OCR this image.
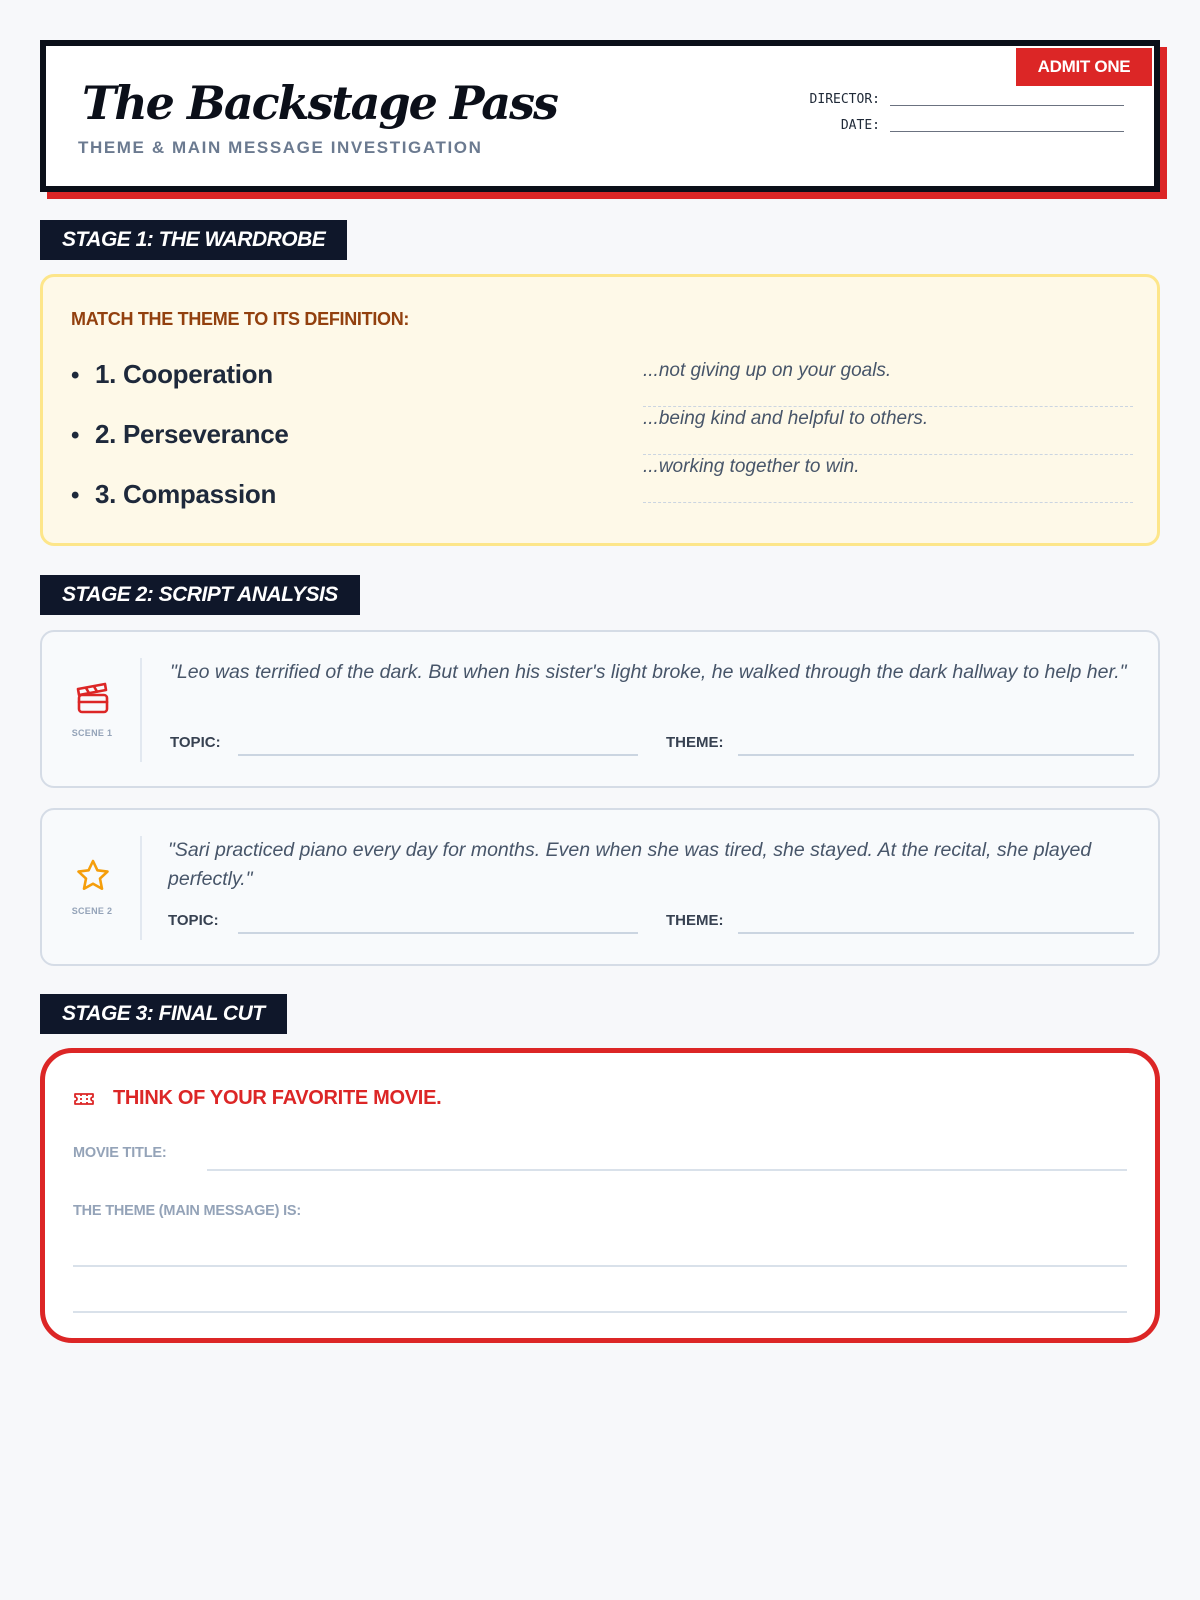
ADMIT ONE
The Backstage Pass
THEME & MAIN MESSAGE INVESTIGATION
DIRECTOR:
DATE:
STAGE 1: THE WARDROBE
MATCH THE THEME TO ITS DEFINITION:
• 1. Cooperation
• 2. Perseverance
• 3. Compassion
...not giving up on your goals.
...being kind and helpful to others.
...working together to win.
STAGE 2: SCRIPT ANALYSIS
SCENE 1
"Leo was terrified of the dark. But when his sister's light broke, he walked through the dark hallway to help her."
TOPIC:	THEME:
SCENE 2
"Sari practiced piano every day for months. Even when she was tired, she stayed. At the recital, she played perfectly."
TOPIC:	THEME:
STAGE 3: FINAL CUT
THINK OF YOUR FAVORITE MOVIE.
MOVIE TITLE:
THE THEME (MAIN MESSAGE) IS:
